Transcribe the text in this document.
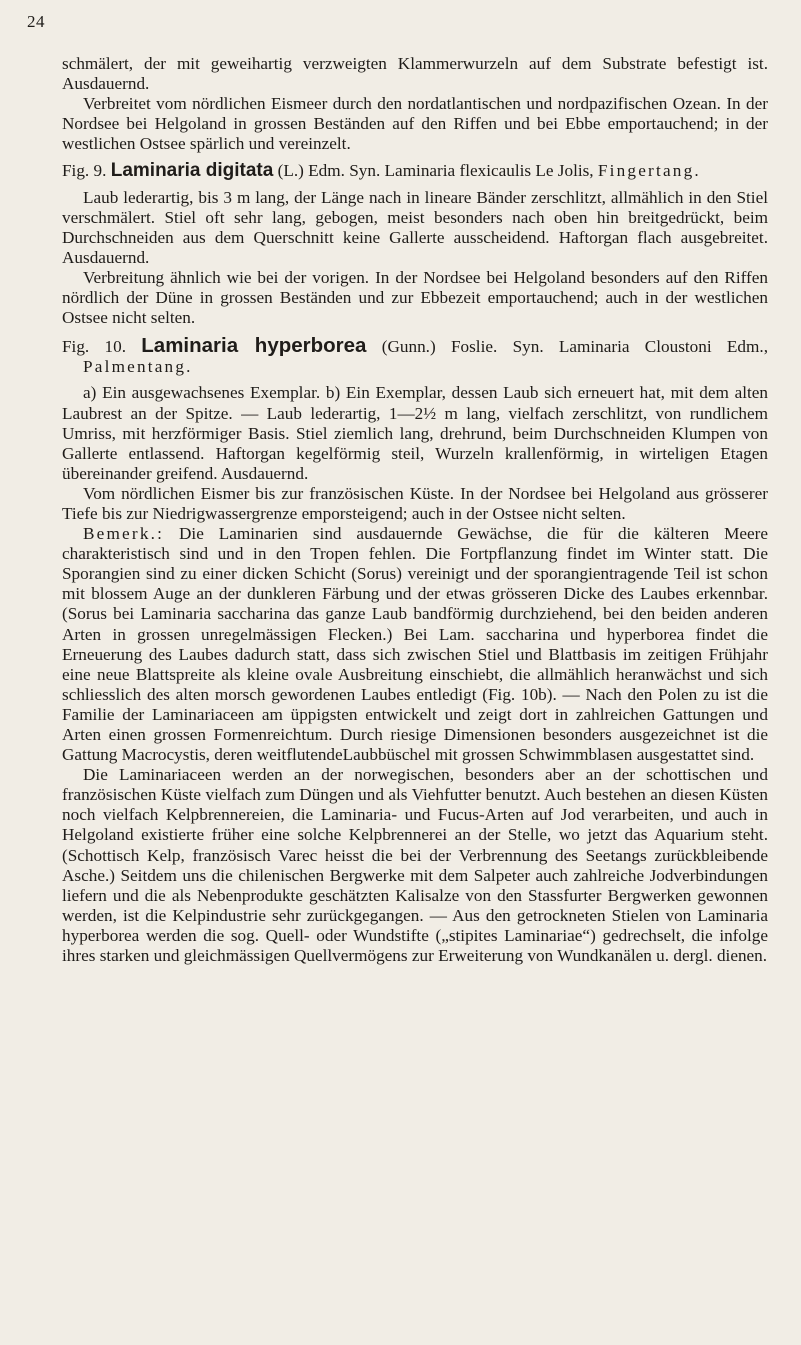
24

schmälert, der mit geweihartig verzweigten Klammerwurzeln auf dem Substrate befestigt ist. Ausdauernd.

Verbreitet vom nördlichen Eismeer durch den nordatlantischen und nordpazifischen Ozean. In der Nordsee bei Helgoland in grossen Beständen auf den Riffen und bei Ebbe emportauchend; in der westlichen Ostsee spärlich und vereinzelt.

Fig. 9. Laminaria digitata (L.) Edm. Syn. Laminaria flexicaulis Le Jolis, Fingertang.

Laub lederartig, bis 3 m lang, der Länge nach in lineare Bänder zerschlitzt, allmählich in den Stiel verschmälert. Stiel oft sehr lang, gebogen, meist besonders nach oben hin breitgedrückt, beim Durchschneiden aus dem Querschnitt keine Gallerte ausscheidend. Haftorgan flach ausgebreitet. Ausdauernd.

Verbreitung ähnlich wie bei der vorigen. In der Nordsee bei Helgoland besonders auf den Riffen nördlich der Düne in grossen Beständen und zur Ebbezeit emportauchend; auch in der westlichen Ostsee nicht selten.

Fig. 10. Laminaria hyperborea (Gunn.) Foslie. Syn. Laminaria Cloustoni Edm., Palmentang.

a) Ein ausgewachsenes Exemplar. b) Ein Exemplar, dessen Laub sich erneuert hat, mit dem alten Laubrest an der Spitze. — Laub lederartig, 1—2½ m lang, vielfach zerschlitzt, von rundlichem Umriss, mit herzförmiger Basis. Stiel ziemlich lang, drehrund, beim Durchschneiden Klumpen von Gallerte entlassend. Haftorgan kegelförmig steil, Wurzeln krallenförmig, in wirteligen Etagen übereinander greifend. Ausdauernd.

Vom nördlichen Eismer bis zur französischen Küste. In der Nordsee bei Helgoland aus grösserer Tiefe bis zur Niedrigwassergrenze emporsteigend; auch in der Ostsee nicht selten.

Bemerk.: Die Laminarien sind ausdauernde Gewächse, die für die kälteren Meere charakteristisch sind und in den Tropen fehlen. Die Fortpflanzung findet im Winter statt. Die Sporangien sind zu einer dicken Schicht (Sorus) vereinigt und der sporangientragende Teil ist schon mit blossem Auge an der dunkleren Färbung und der etwas grösseren Dicke des Laubes erkennbar. (Sorus bei Laminaria saccharina das ganze Laub bandförmig durchziehend, bei den beiden anderen Arten in grossen unregelmässigen Flecken.) Bei Lam. saccharina und hyperborea findet die Erneuerung des Laubes dadurch statt, dass sich zwischen Stiel und Blattbasis im zeitigen Frühjahr eine neue Blattspreite als kleine ovale Ausbreitung einschiebt, die allmählich heranwächst und sich schliesslich des alten morsch gewordenen Laubes entledigt (Fig. 10b). — Nach den Polen zu ist die Familie der Laminariaceen am üppigsten entwickelt und zeigt dort in zahlreichen Gattungen und Arten einen grossen Formenreichtum. Durch riesige Dimensionen besonders ausgezeichnet ist die Gattung Macrocystis, deren weitflutendeLaubbüschel mit grossen Schwimmblasen ausgestattet sind.

Die Laminariaceen werden an der norwegischen, besonders aber an der schottischen und französischen Küste vielfach zum Düngen und als Viehfutter benutzt. Auch bestehen an diesen Küsten noch vielfach Kelpbrennereien, die Laminaria- und Fucus-Arten auf Jod verarbeiten, und auch in Helgoland existierte früher eine solche Kelpbrennerei an der Stelle, wo jetzt das Aquarium steht. (Schottisch Kelp, französisch Varec heisst die bei der Verbrennung des Seetangs zurückbleibende Asche.) Seitdem uns die chilenischen Bergwerke mit dem Salpeter auch zahlreiche Jodverbindungen liefern und die als Nebenprodukte geschätzten Kalisalze von den Stassfurter Bergwerken gewonnen werden, ist die Kelpindustrie sehr zurückgegangen. — Aus den getrockneten Stielen von Laminaria hyperborea werden die sog. Quell- oder Wundstifte („stipites Laminariae“) gedrechselt, die infolge ihres starken und gleichmässigen Quellvermögens zur Erweiterung von Wundkanälen u. dergl. dienen.
